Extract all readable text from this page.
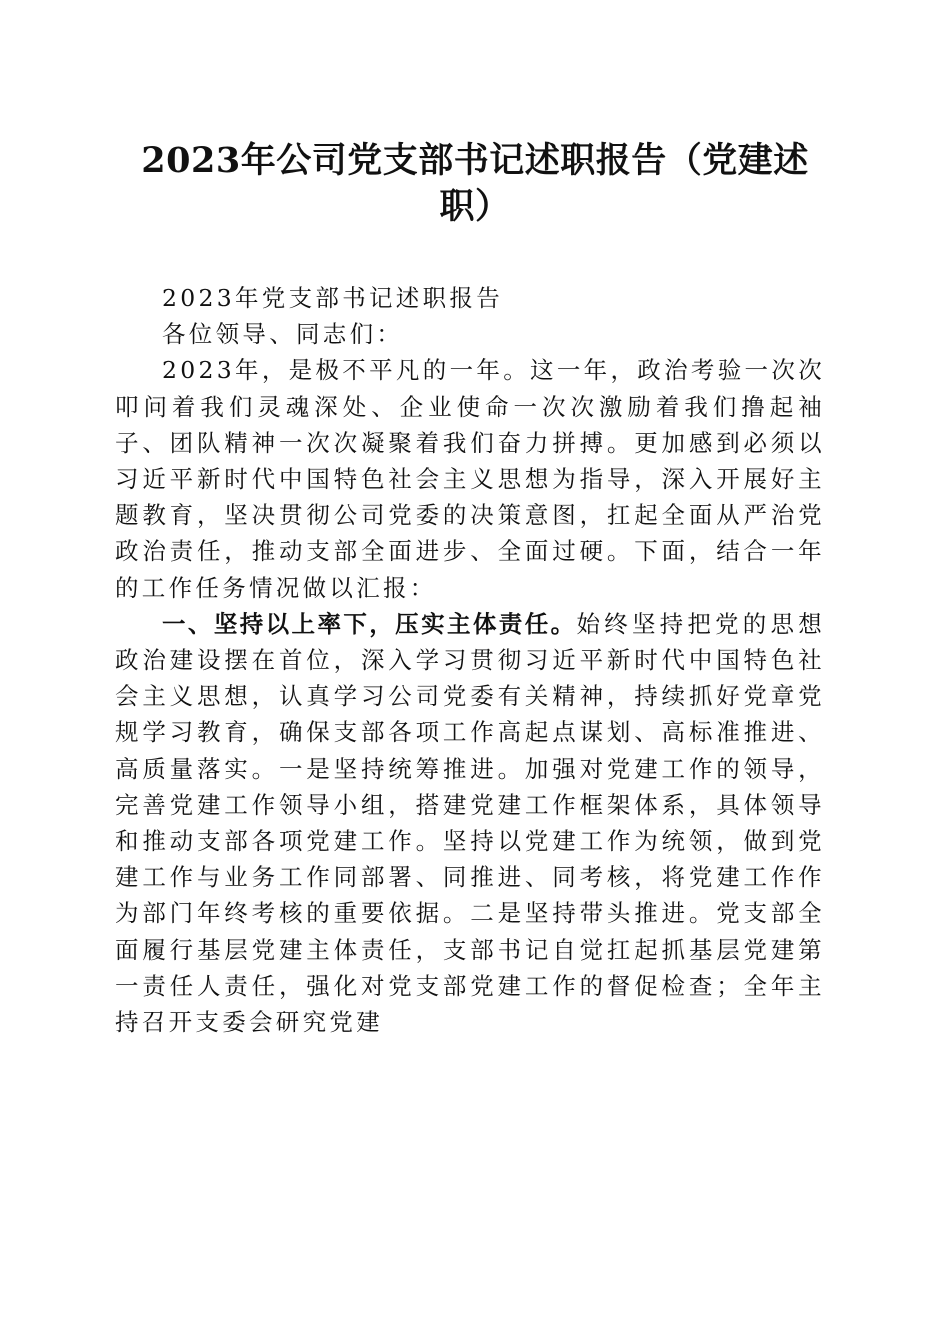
2023年公司党支部书记述职报告（党建述
职）

2023年党支部书记述职报告

各位领导、同志们：

2023年，是极不平凡的一年。这一年，政治考验一次次叩问着我们灵魂深处、企业使命一次次激励着我们撸起袖子、团队精神一次次凝聚着我们奋力拼搏。更加感到必须以习近平新时代中国特色社会主义思想为指导，深入开展好主题教育，坚决贯彻公司党委的决策意图，扛起全面从严治党政治责任，推动支部全面进步、全面过硬。下面，结合一年的工作任务情况做以汇报：

一、坚持以上率下，压实主体责任。始终坚持把党的思想政治建设摆在首位，深入学习贯彻习近平新时代中国特色社会主义思想，认真学习公司党委有关精神，持续抓好党章党规学习教育，确保支部各项工作高起点谋划、高标准推进、高质量落实。一是坚持统筹推进。加强对党建工作的领导，完善党建工作领导小组，搭建党建工作框架体系，具体领导和推动支部各项党建工作。坚持以党建工作为统领，做到党建工作与业务工作同部署、同推进、同考核，将党建工作作为部门年终考核的重要依据。二是坚持带头推进。党支部全面履行基层党建主体责任，支部书记自觉扛起抓基层党建第一责任人责任，强化对党支部党建工作的督促检查；全年主持召开支委会研究党建
